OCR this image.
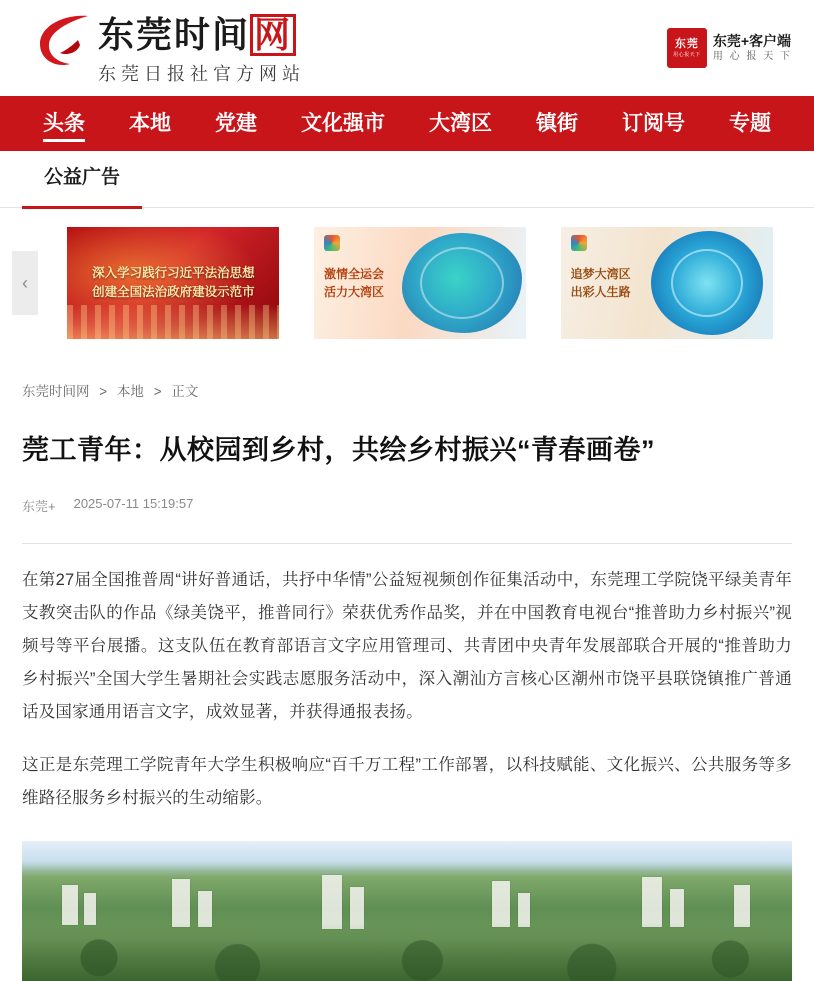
东莞时间 网
东莞日报社官方网站
东莞
用心报天下
东莞+客户端
用 心 报 天 下
头条	本地	党建	文化强市	大湾区	镇街	订阅号	专题
公益广告
‹	深入学习践行习近平法治思想
创建全国法治政府建设示范市
激情全运会
活力大湾区
追梦大湾区
出彩人生路
东莞时间网 > 本地 > 正文
莞工青年：从校园到乡村，共绘乡村振兴“青春画卷”
东莞+ 2025-07-11 15:19:57

在第27届全国推普周“讲好普通话，共抒中华情”公益短视频创作征集活动中，东莞理工学院饶平绿美青年支教突击队的作品《绿美饶平，推普同行》荣获优秀作品奖，并在中国教育电视台“推普助力乡村振兴”视频号等平台展播。这支队伍在教育部语言文字应用管理司、共青团中央青年发展部联合开展的“推普助力乡村振兴”全国大学生暑期社会实践志愿服务活动中，深入潮汕方言核心区潮州市饶平县联饶镇推广普通话及国家通用语言文字，成效显著，并获得通报表扬。

这正是东莞理工学院青年大学生积极响应“百千万工程”工作部署，以科技赋能、文化振兴、公共服务等多维路径服务乡村振兴的生动缩影。
